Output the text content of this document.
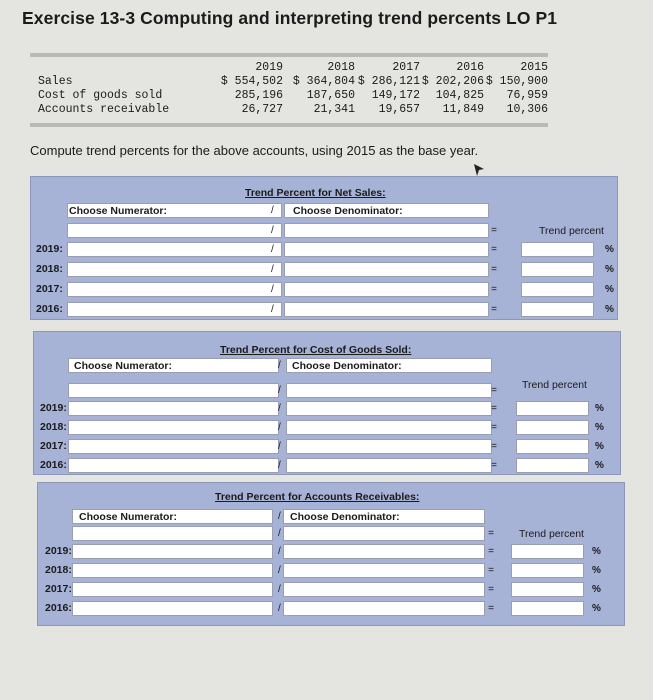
Exercise 13-3 Computing and interpreting trend percents LO P1
2019	2018	2017	2016	2015
Sales	$ 554,502 $ 364,804 $ 286,121 $ 202,206 $ 150,900
Cost of goods sold	285,196	187,650	149,172	104,825	76,959
Accounts receivable	26,727	21,341	19,657	11,849	10,306
Compute trend percents for the above accounts, using 2015 as the base year.
Trend Percent for Net Sales:
Choose Numerator:	/ Choose Denominator:
Trend percent
/	=
2019:	/	=	%
2018:	/	=	%
2017:	/	=	%
2016:	/	=	%
Trend Percent for Cost of Goods Sold:
Choose Numerator:	/ Choose Denominator:
Trend percent
/	=
2019:	/	=	%
2018:	/	=	%
2017:	/	=	%
2016:	/	=	%
Trend Percent for Accounts Receivables:
Choose Numerator:	/ Choose Denominator:
Trend percent
/	=
2019:	/	=	%
2018:	/	=	%
2017:	/	=	%
2016:	/	=	%
